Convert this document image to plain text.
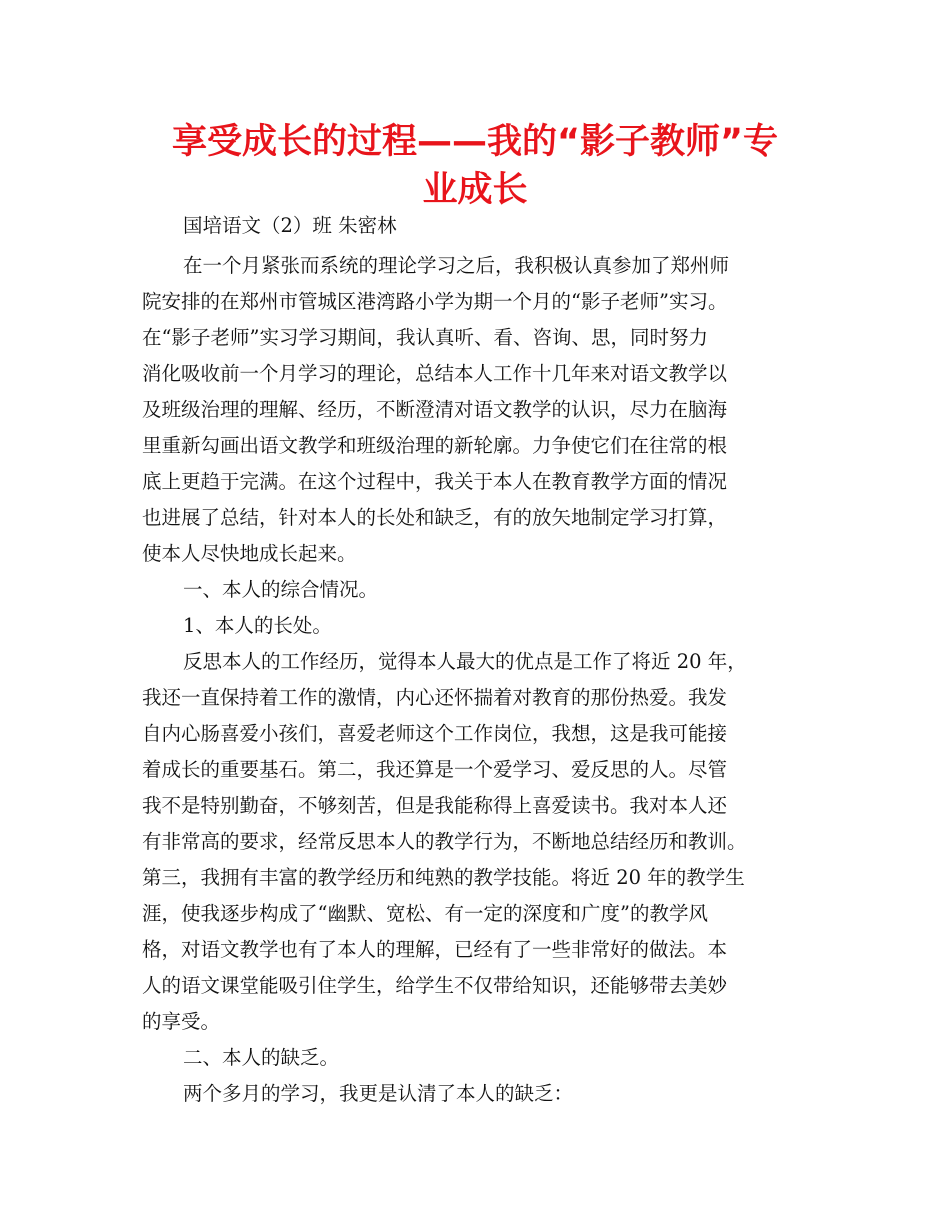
享受成长的过程——我的“影子教师”专
业成长
国培语文（2）班 朱密林
在一个月紧张而系统的理论学习之后，我积极认真参加了郑州师
院安排的在郑州市管城区港湾路小学为期一个月的“影子老师”实习。
在“影子老师”实习学习期间，我认真听、看、咨询、思，同时努力
消化吸收前一个月学习的理论，总结本人工作十几年来对语文教学以
及班级治理的理解、经历，不断澄清对语文教学的认识，尽力在脑海
里重新勾画出语文教学和班级治理的新轮廓。力争使它们在往常的根
底上更趋于完满。在这个过程中，我关于本人在教育教学方面的情况
也进展了总结，针对本人的长处和缺乏，有的放矢地制定学习打算，
使本人尽快地成长起来。
一、本人的综合情况。
1、本人的长处。
反思本人的工作经历，觉得本人最大的优点是工作了将近 20 年，
我还一直保持着工作的激情，内心还怀揣着对教育的那份热爱。我发
自内心肠喜爱小孩们，喜爱老师这个工作岗位，我想，这是我可能接
着成长的重要基石。第二，我还算是一个爱学习、爱反思的人。尽管
我不是特别勤奋，不够刻苦，但是我能称得上喜爱读书。我对本人还
有非常高的要求，经常反思本人的教学行为，不断地总结经历和教训。
第三，我拥有丰富的教学经历和纯熟的教学技能。将近 20 年的教学生
涯，使我逐步构成了“幽默、宽松、有一定的深度和广度”的教学风
格，对语文教学也有了本人的理解，已经有了一些非常好的做法。本
人的语文课堂能吸引住学生，给学生不仅带给知识，还能够带去美妙
的享受。
二、本人的缺乏。
两个多月的学习，我更是认清了本人的缺乏：
